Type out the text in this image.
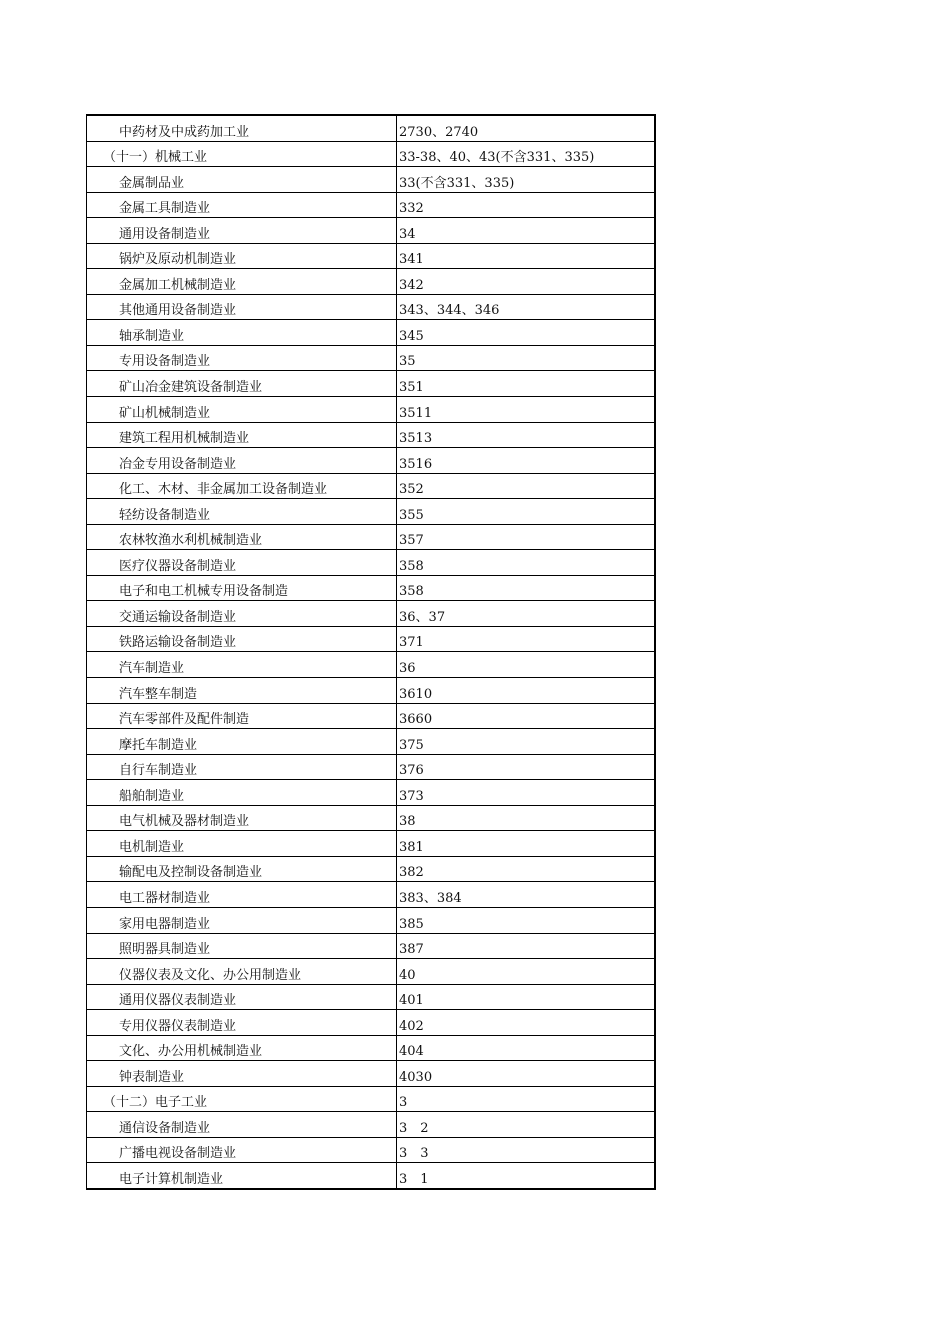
中药材及中成药加工业	2730、2740
（十一）机械工业	33-38、40、43(不含331、335)
金属制品业	33(不含331、335)
金属工具制造业	332
通用设备制造业	34
锅炉及原动机制造业	341
金属加工机械制造业	342
其他通用设备制造业	343、344、346
轴承制造业	345
专用设备制造业	35
矿山冶金建筑设备制造业	351
矿山机械制造业	3511
建筑工程用机械制造业	3513
冶金专用设备制造业	3516
化工、木材、非金属加工设备制造业	352
轻纺设备制造业	355
农林牧渔水利机械制造业	357
医疗仪器设备制造业	358
电子和电工机械专用设备制造	358
交通运输设备制造业	36、37
铁路运输设备制造业	371
汽车制造业	36
汽车整车制造	3610
汽车零部件及配件制造	3660
摩托车制造业	375
自行车制造业	376
船舶制造业	373
电气机械及器材制造业	38
电机制造业	381
输配电及控制设备制造业	382
电工器材制造业	383、384
家用电器制造业	385
照明器具制造业	387
仪器仪表及文化、办公用制造业	40
通用仪器仪表制造业	401
专用仪器仪表制造业	402
文化、办公用机械制造业	404
钟表制造业	4030
（十二）电子工业	3
通信设备制造业	3　2
广播电视设备制造业	3　3
电子计算机制造业	3　1
